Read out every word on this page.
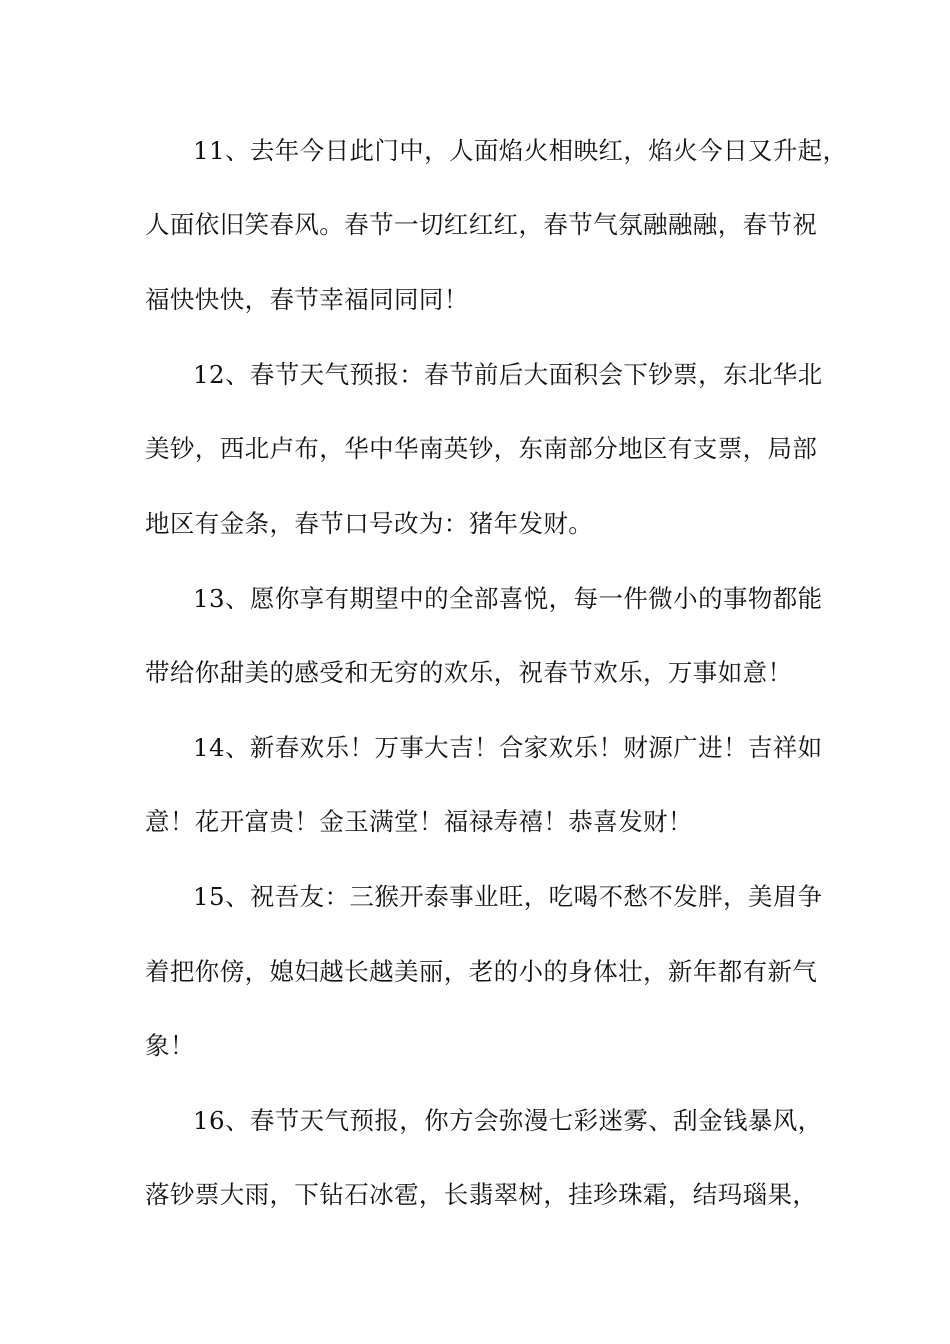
11、去年今日此门中，人面焰火相映红，焰火今日又升起，
人面依旧笑春风。春节一切红红红，春节气氛融融融，春节祝
福快快快，春节幸福同同同！
12、春节天气预报：春节前后大面积会下钞票，东北华北
美钞，西北卢布，华中华南英钞，东南部分地区有支票，局部
地区有金条，春节口号改为：猪年发财。
13、愿你享有期望中的全部喜悦，每一件微小的事物都能
带给你甜美的感受和无穷的欢乐，祝春节欢乐，万事如意！
14、新春欢乐！万事大吉！合家欢乐！财源广进！吉祥如
意！花开富贵！金玉满堂！福禄寿禧！恭喜发财！
15、祝吾友：三猴开泰事业旺，吃喝不愁不发胖，美眉争
着把你傍，媳妇越长越美丽，老的小的身体壮，新年都有新气
象！
16、春节天气预报，你方会弥漫七彩迷雾、刮金钱暴风，
落钞票大雨，下钻石冰雹，长翡翠树，挂珍珠霜，结玛瑙果，
